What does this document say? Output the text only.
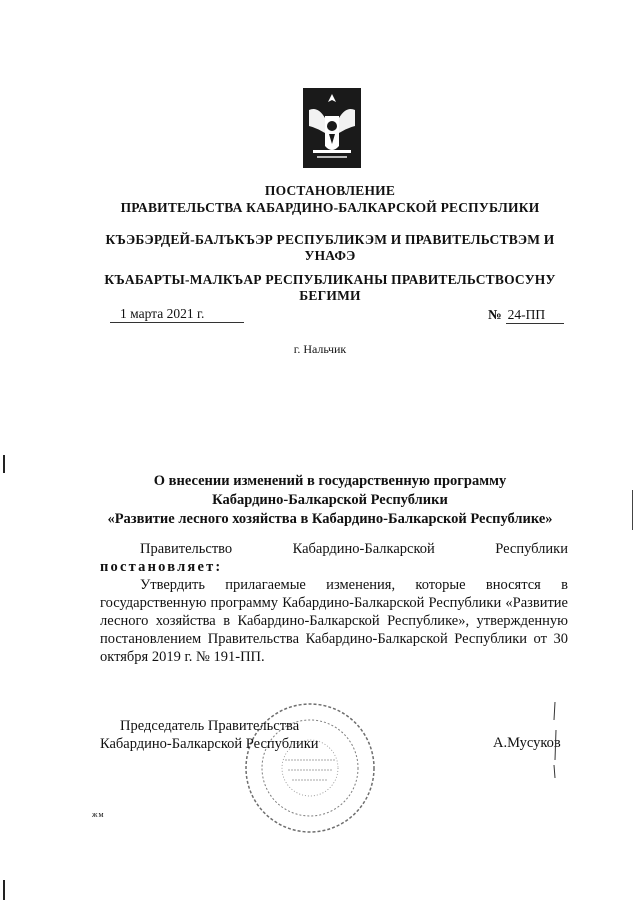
ПОСТАНОВЛЕНИЕ
ПРАВИТЕЛЬСТВА КАБАРДИНО-БАЛКАРСКОЙ РЕСПУБЛИКИ
КЪЭБЭРДЕЙ-БАЛЪКЪЭР РЕСПУБЛИКЭМ И ПРАВИТЕЛЬСТВЭМ И
УНАФЭ
КЪАБАРТЫ-МАЛКЪАР РЕСПУБЛИКАНЫ ПРАВИТЕЛЬСТВОСУНУ
БЕГИМИ
1 марта 2021 г.	№ 24-ПП
г. Нальчик
О внесении изменений в государственную программу
Кабардино-Балкарской Республики
«Развитие лесного хозяйства в Кабардино-Балкарской Республике»
Правительство Кабардино-Балкарской Республики
постановляет:
Утвердить прилагаемые изменения, которые вносятся в государственную программу Кабардино-Балкарской Республики «Развитие лесного хозяйства в Кабардино-Балкарской Республике», утвержденную постановлением Правительства Кабардино-Балкарской Республики от 30 октября 2019 г. № 191-ПП.
Председатель Правительства
Кабардино-Балкарской Республики	А.Мусуков
жм
